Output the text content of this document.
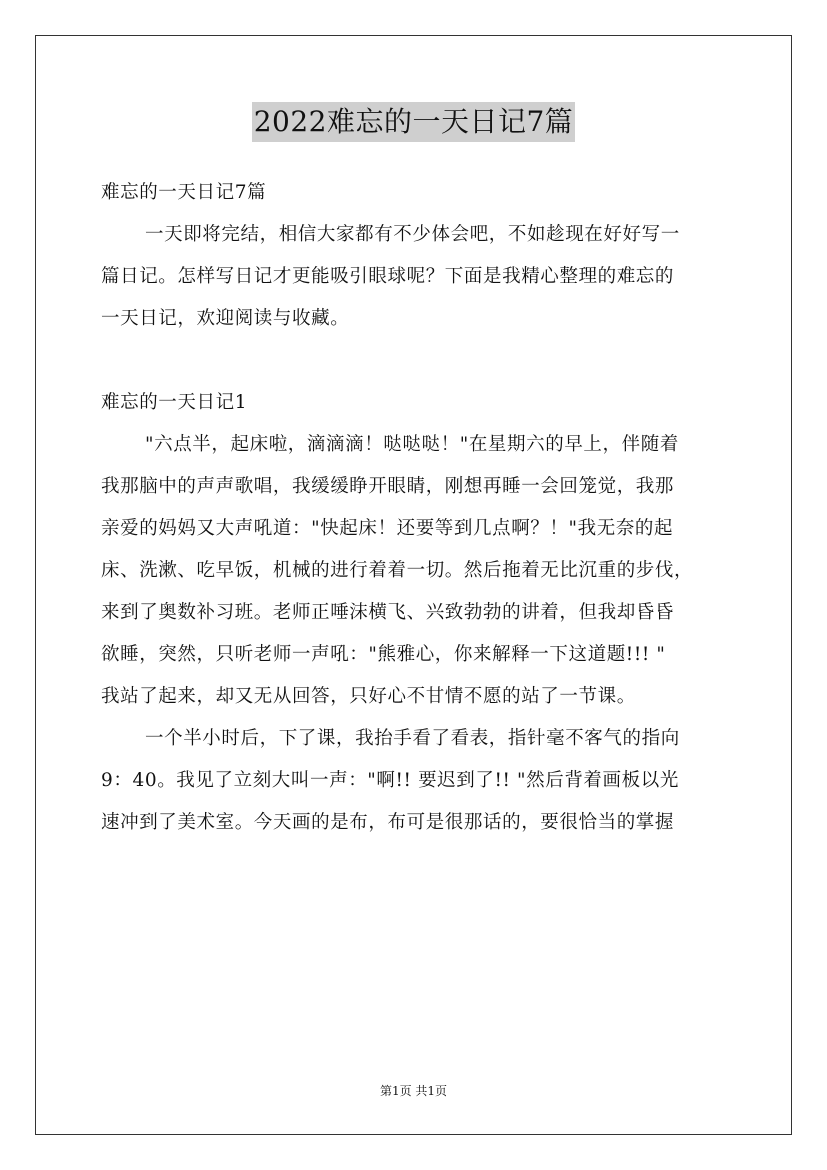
2022难忘的一天日记7篇
难忘的一天日记7篇
一天即将完结，相信大家都有不少体会吧，不如趁现在好好写一
篇日记。怎样写日记才更能吸引眼球呢？下面是我精心整理的难忘的
一天日记，欢迎阅读与收藏。
难忘的一天日记1
"六点半，起床啦，滴滴滴！哒哒哒！"在星期六的早上，伴随着
我那脑中的声声歌唱，我缓缓睁开眼睛，刚想再睡一会回笼觉，我那
亲爱的妈妈又大声吼道："快起床！还要等到几点啊？！"我无奈的起
床、洗漱、吃早饭，机械的进行着着一切。然后拖着无比沉重的步伐，
来到了奥数补习班。老师正唾沫横飞、兴致勃勃的讲着，但我却昏昏
欲睡，突然，只听老师一声吼："熊雅心，你来解释一下这道题!!! "
我站了起来，却又无从回答，只好心不甘情不愿的站了一节课。
一个半小时后，下了课，我抬手看了看表，指针毫不客气的指向
9：40。我见了立刻大叫一声："啊!! 要迟到了!! "然后背着画板以光
速冲到了美术室。今天画的是布，布可是很那话的，要很恰当的掌握
第1页 共1页
